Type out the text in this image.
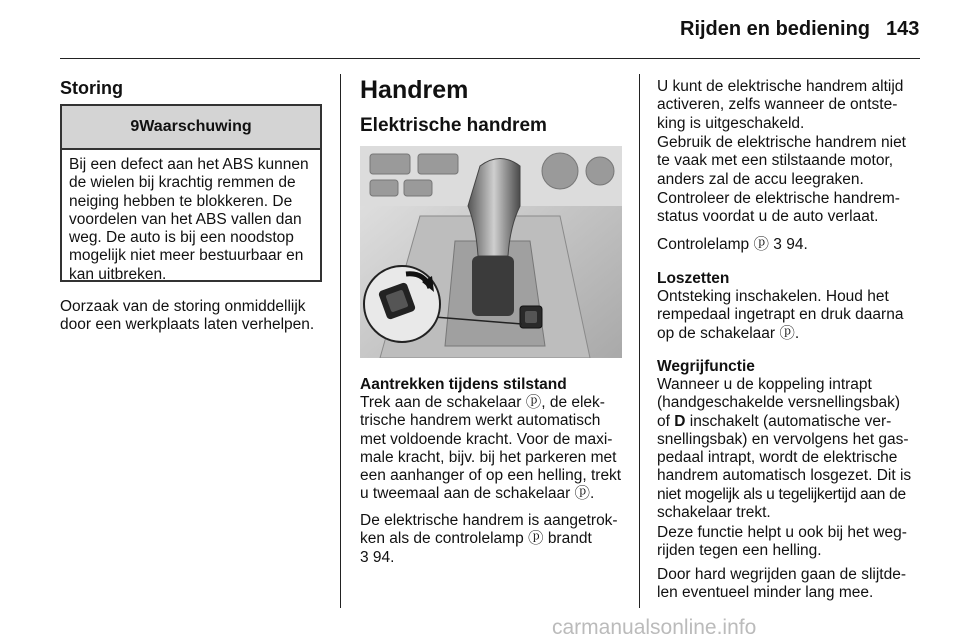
Rijden en bediening 143
Storing
9 Waarschuwing
Bij een defect aan het ABS kunnen
de wielen bij krachtig remmen de
neiging hebben te blokkeren. De
voordelen van het ABS vallen dan
weg. De auto is bij een noodstop
mogelijk niet meer bestuurbaar en
kan uitbreken.
Oorzaak van de storing onmiddellijk
door een werkplaats laten verhelpen.
Handrem
Elektrische handrem
Aantrekken tijdens stilstand
Trek aan de schakelaar ⓟ, de elek-
trische handrem werkt automatisch
met voldoende kracht. Voor de maxi-
male kracht, bijv. bij het parkeren met
een aanhanger of op een helling, trekt
u tweemaal aan de schakelaar ⓟ.
De elektrische handrem is aangetrok-
ken als de controlelamp ⓟ brandt
3 94.
U kunt de elektrische handrem altijd
activeren, zelfs wanneer de ontste-
king is uitgeschakeld.
Gebruik de elektrische handrem niet
te vaak met een stilstaande motor,
anders zal de accu leegraken.
Controleer de elektrische handrem-
status voordat u de auto verlaat.
Controlelamp ⓟ 3 94.
Loszetten
Ontsteking inschakelen. Houd het
rempedaal ingetrapt en druk daarna
op de schakelaar ⓟ.
Wegrijfunctie
Wanneer u de koppeling intrapt
(handgeschakelde versnellingsbak)
of D inschakelt (automatische ver-
snellingsbak) en vervolgens het gas-
pedaal intrapt, wordt de elektrische
handrem automatisch losgezet. Dit is
niet mogelijk als u tegelijkertijd aan de
schakelaar trekt.
Deze functie helpt u ook bij het weg-
rijden tegen een helling.
Door hard wegrijden gaan de slijtde-
len eventueel minder lang mee.
carmanualsonline.info
